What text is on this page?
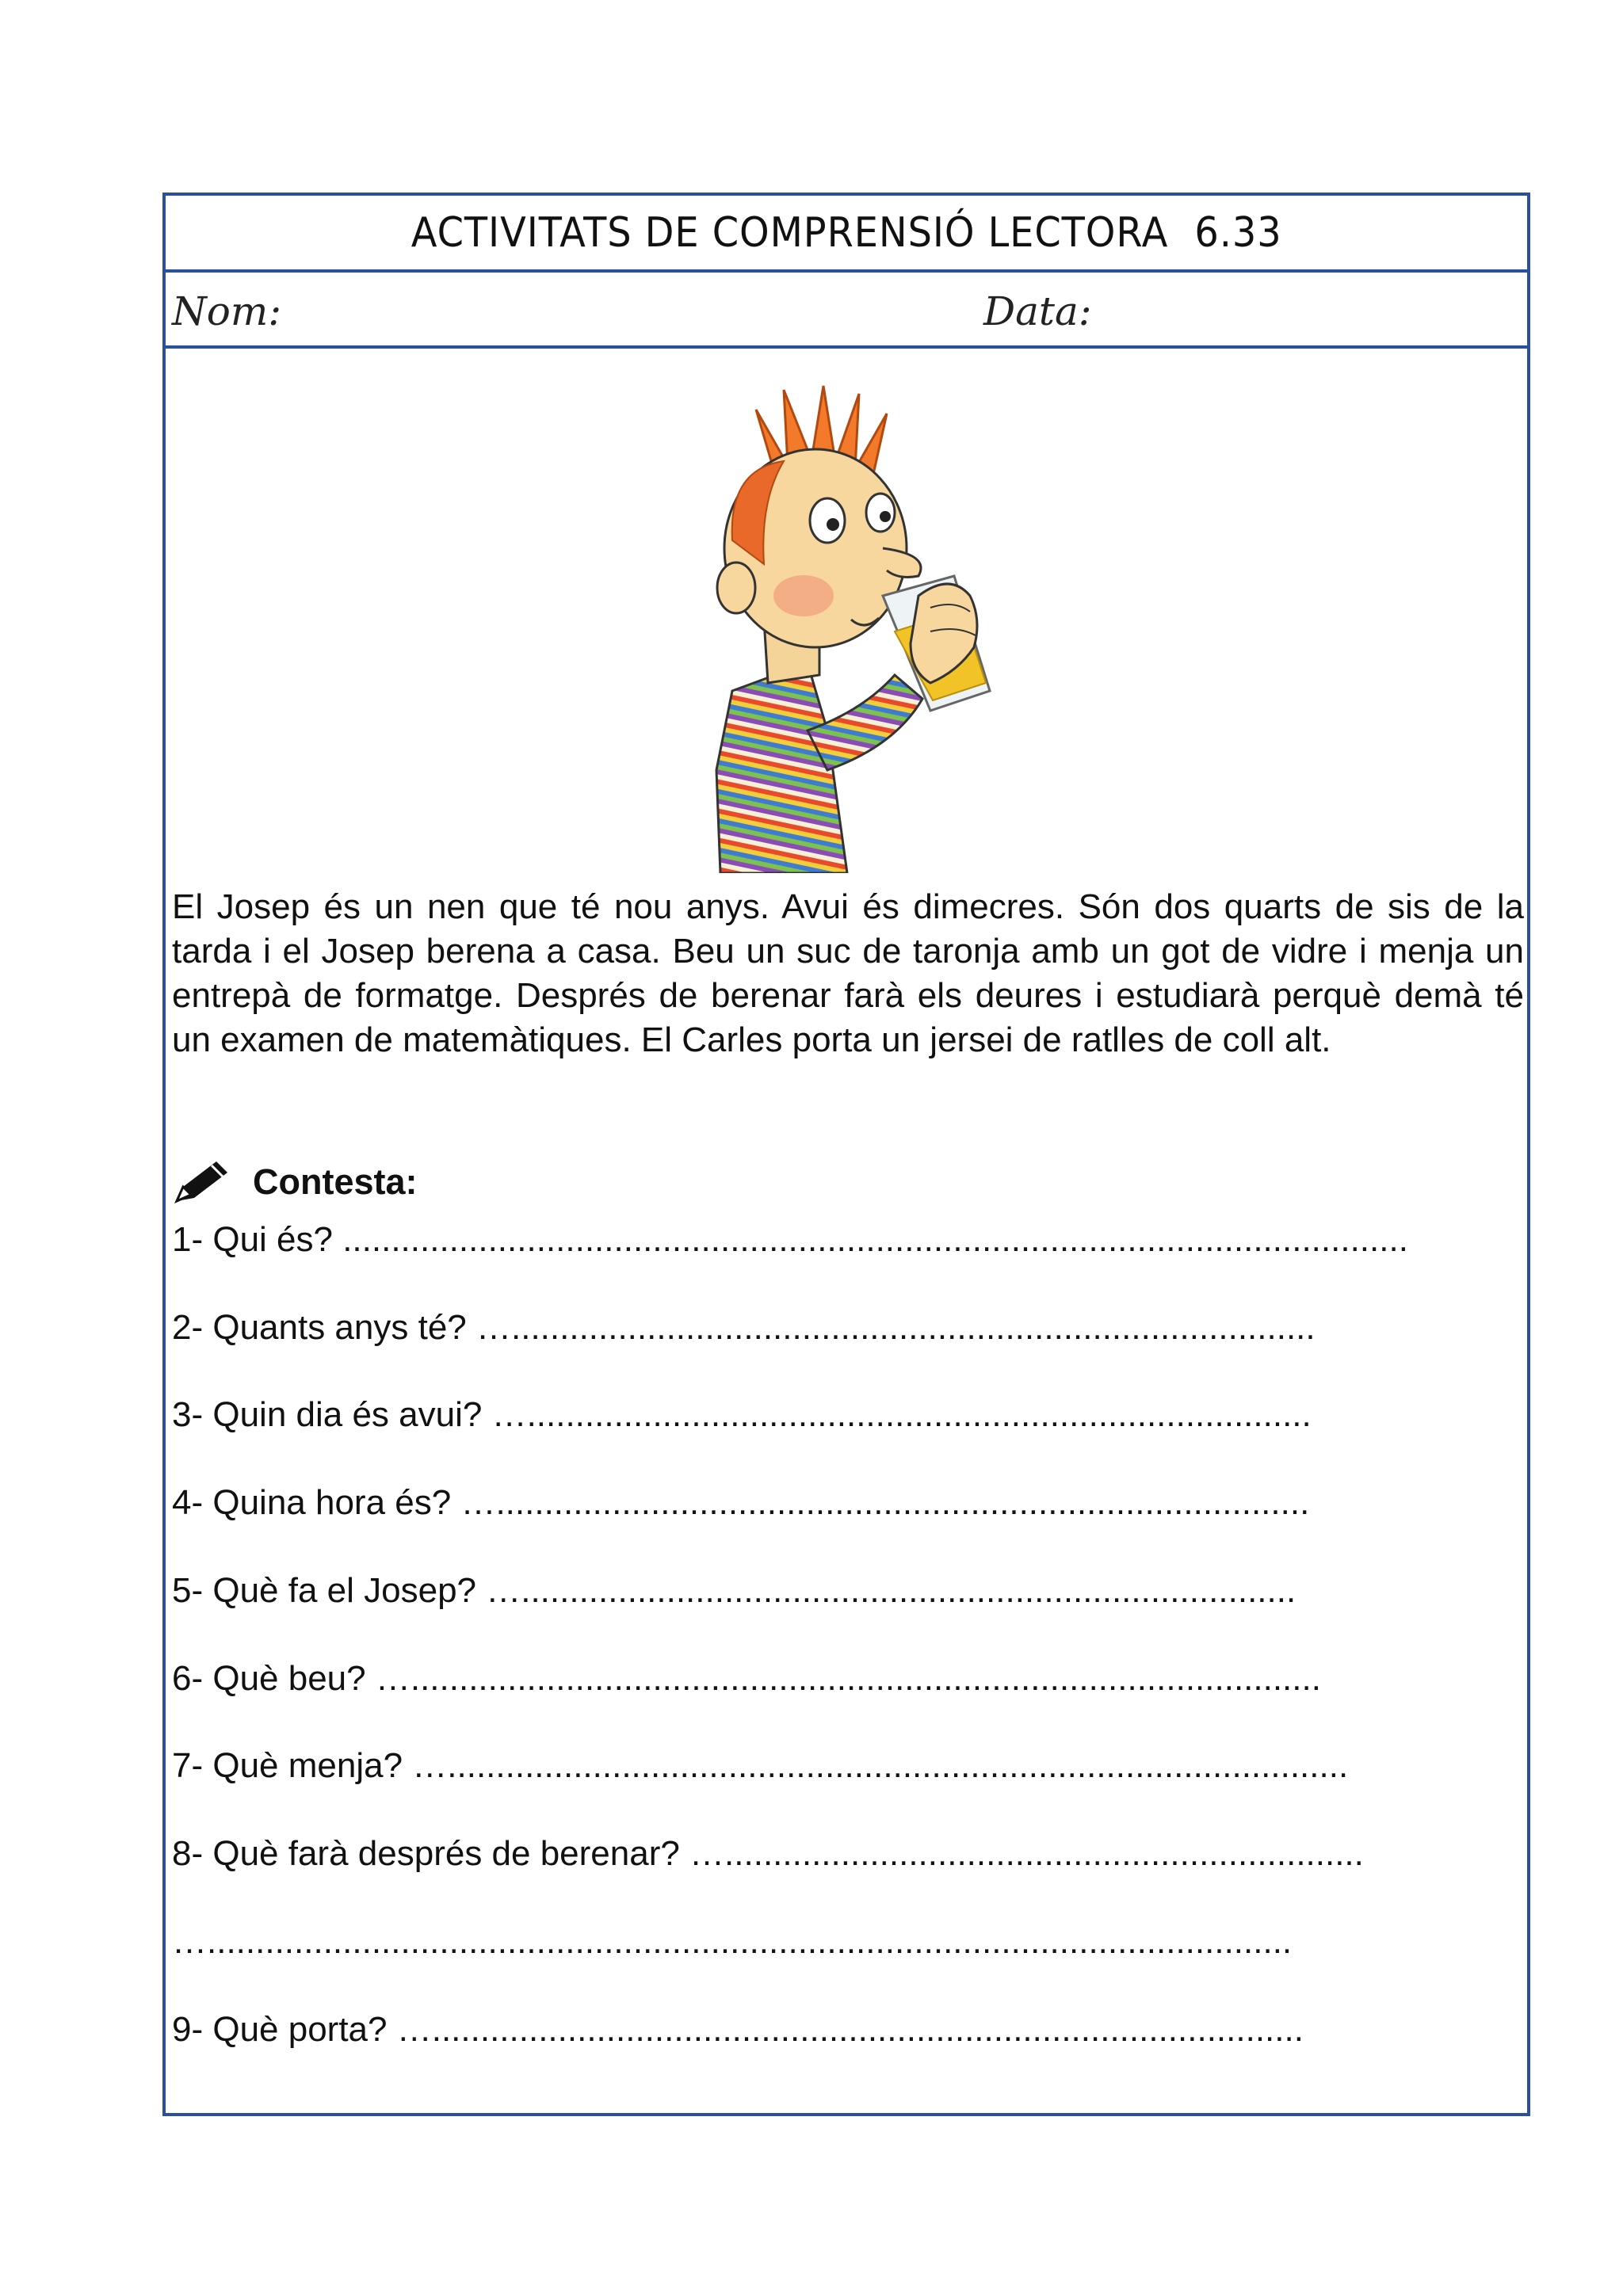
ACTIVITATS DE COMPRENSIÓ LECTORA 6.33
Nom:	Data:

El Josep és un nen que té nou anys. Avui és dimecres. Són dos quarts de sis de la tarda i el Josep berena a casa. Beu un suc de taronja amb un got de vidre i menja un entrepà de formatge. Després de berenar farà els deures i estudiarà perquè demà té un examen de matemàtiques. El Carles porta un jersei de ratlles de coll alt.

Contesta:
1- Qui és? ..............................................................................................................
2- Quants anys té? …...................................................................................
3- Quin dia és avui? ….................................................................................
4- Quina hora és? …....................................................................................
5- Què fa el Josep? …................................................................................
6- Què beu? …..............................................................................................
7- Què menja? ….............................................................................................
8- Què farà després de berenar? …..................................................................
…................................................................................................................
9- Què porta? …..........................................................................................
